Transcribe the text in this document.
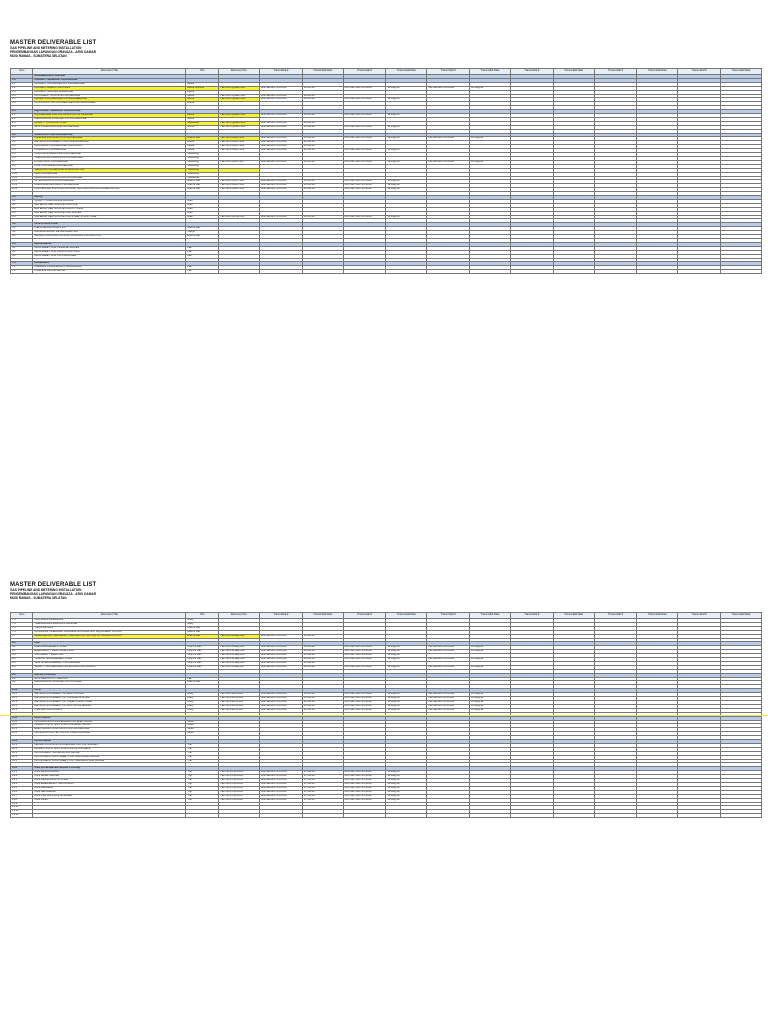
MASTER DELIVERABLE LIST
GAS PIPELINE AND METERING INSTALLATION
PENGEMBANGAN LAPANGAN GRAVAZA - ARIO DAMAR
MUSI RAWAS - SUMATERA SELATAN
Item	Document Title	PIC	Document No.	Transmittal #	Transmittal Date	Transmittal #	Transmittal Date	Transmittal #	Transmittal Date	Transmittal #	Transmittal Date	Transmittal #	Transmittal Date	Transmittal #	Transmittal Date
	ENGINEERING PIPELINE														
1.0	PROJECT GENERAL PROCEDURE														
1.1	PROJECT COORDINATION PROCEDURE	Hendi													
1.2	PROJECT EXECUTION PLAN	Hendi & Bondi	TEP-GPL-QA/EX-001	002-SE-GPL-VII-2018	23-Jul-18	005-TEP-GPL-VII-2018	14-Aug-18	011-SE-GPL-VIII-2018	20-Aug-18						
1.3	PROJECT MASTER SCHEDULE	Bondi													
1.4	DOCUMENT CONTROL PROCEDURE	Hendi	TEP-GPL-QA/EX-002	002-SE-GPL-VII-2018	23-Jul-18										
1.5	DESIGN PROCEDURE FOR ENGINEERING	Bondi	TEP-GPL-QA/EX-003	002-SE-GPL-VII-2018	23-Jul-18	005-TEP-GPL-VII-2018	14-Aug-18								
1.6	CONSTRUCTION PROCEDURE FOR PERSONNEL	Bondi													

2.0	EQUIPMENT GENERAL PROCEDURE														
2.1	PROCEDURE FOR INSTALLATION OF PIPELINE	Hendi	TEP-GPL-QA/EX-004	002-SE-GPL-VII-2018	23-Jul-18	005-TEP-GPL-VII-2018	14-Aug-18								
2.2	MECHANICAL COMPLETION PROCEDURE	Hendi													
2.3	QUALITY CONTROL PLAN	Workshop	TEP-GPL-QA/EX-005	002-SE-GPL-VII-2018	23-Jul-18										
2.4	NON CONFORMANCE PROCEDURE	Bondi	TEP-GPL-QA/EX-006	002-SE-GPL-VII-2018	23-Jul-18	005-TEP-GPL-VII-2018	14-Aug-18								

3.0	CONSTRUCTION PROCEDURE														
3.1	PIPELINE INSTALLATION PROCEDURE	Budi & Ifan	TEP-GPL-APRF-001	002-SE-GPL-VII-2018	23-Jul-18	005-TEP-GPL-VII-2018	14-Aug-18	011-SE-GPL-VIII-2018	20-Aug-18						
3.2	METHOD STATEMENT FOR PIPE HANDLING	Bondi	TEP-GPL-APRF-002	002-SE-GPL-VII-2018	23-Jul-18										
3.3	CROSSING PROCEDURE FOR ROADS	Hendi	TEP-GPL-APRF-003	002-SE-GPL-VII-2018	23-Jul-18										
3.4	LOWERING PROCEDURE	Hendi	TEP-GPL-APRF-004	002-SE-GPL-VII-2018	23-Jul-18	005-TEP-GPL-VII-2018	14-Aug-18								
3.5	COATING & WRAPPING PROCEDURE	Workshop													
3.6	TRENCHING & BACKFILL PROCEDURE	Workshop													
3.7	HYDROTEST PROCEDURE	Workshop	TEP-GPL-APRF-007	002-SE-GPL-VII-2018	23-Jul-18	005-TEP-GPL-VII-2018	14-Aug-18	011-SE-GPL-VIII-2018	20-Aug-18						
3.8	PIPE STRINGING PROCEDURE	Workshop													
3.9	WELDING PROCEDURE SPECIFICATION	Workshop													
3.10	NDE PROCEDURE	Workshop													
3.11	DEWATERING & DRYING PROCEDURE	Workshop													
3.12	CP INSTALLATION PROCEDURE	Budi & Ifan	TEP-GPL-APRF-012	002-SE-GPL-VII-2018	23-Jul-18	005-TEP-GPL-VII-2018	14-Aug-18								
3.13	PRECOMMISSIONING PROCEDURE	Budi & Ifan	TEP-GPL-APRF-013	002-SE-GPL-VII-2018	23-Jul-18	005-TEP-GPL-VII-2018	14-Aug-18								
3.14	PROCEDURE INSTALLATION AND TESTING FOR INSTRUMENTATION	Budi & Ifan	TEP-GPL-APRF-014	002-SE-GPL-VII-2018	23-Jul-18	005-TEP-GPL-VII-2018	14-Aug-18								

4.0	MRCQ														
4.1	QUALITY ASSURANCE MANUAL	Budi													
4.2	MATERIAL CERTIFICATE FOR PIPE	Budi													
4.3	MATERIAL CERTIFICATE FOR FITTINGS	Budi													
4.4	MATERIAL CERTIFICATE FOR VALVES	Budi													
4.5	MATERIAL CERTIFICATE FOR STEEL STRUCTURE	Budi	TEP-GPL-QPRF-005	002-SE-GPL-VII-2018	23-Jul-18	005-TEP-GPL-VII-2018	14-Aug-18								

5.0	CIVIL/STRUCTURE														
5.1	FIELD DESIGN ANALYSIS	Budi & Ifan													
5.2	ANCHOR BLOCK DETAIL ANALYSIS	Cahyo													
5.3	DESIGN CALCULATION FOR CATHODIC PROTECTION	Budi & Ifan													

6.0	MECHANICAL														
6.1	DATA SHEET FOR PIPELINE VALVES	Ifan													
6.2	DATA SHEET FOR INSULATING JOINT	Ifan													
6.3	DATA SHEET FOR PIG LAUNCHER	Ifan													

7.0	DRAWINGS														
7.1	OVERALL PIPELINE ROUTE DRAWING	Ifan													
7.2	PIPELINE ROUTE DETAIL	Ifan													
MASTER DELIVERABLE LIST
GAS PIPELINE AND METERING INSTALLATION
PENGEMBANGAN LAPANGAN GRAVAZA - ARIO DAMAR
MUSI RAWAS - SUMATERA SELATAN
Item	Document Title	PIC	Document No.	Transmittal #	Transmittal Date	Transmittal #	Transmittal Date	Transmittal #	Transmittal Date	Transmittal #	Transmittal Date	Transmittal #	Transmittal Date	Transmittal #	Transmittal Date
7.3	CROSSING DRAWINGS	Budy													
7.4	TRENCHING & BACKFILL PROFILE	Budy													
7.5	TIE-IN DETAILS	Budi & Ifan													
7.6	FLOODING, CLEANING, GAUGING & HYDROTEST EQUIPMENT LAYOUT	Budi & Ifan													
7.7	DEWATERING, SWABBING, CALIPER PIG, DRYING & PURGING LAYOUT	Budi & Ifan	TEP-GPL-HSEQ-001	002-SE-GPL-VII-2018	23-Jul-18										

8.0	HSE														
8.1	HSE MANAGEMENT PLAN	Cupri & Dan	TEP-GPL-HSEQ-002	002-SE-GPL-VII-2018	23-Jul-18	005-TEP-GPL-VII-2018	14-Aug-18	011-SE-GPL-VIII-2018	20-Aug-18						
8.2	EMERGENCY RESPONSE PLAN	Cupri & Dan	TEP-GPL-HSEQ-003	002-SE-GPL-VII-2018	23-Jul-18	005-TEP-GPL-VII-2018	14-Aug-18	011-SE-GPL-VIII-2018	20-Aug-18						
8.3	JOB SAFETY ANALYSIS	Cupri & Dan	TEP-GPL-HSEQ-004	002-SE-GPL-VII-2018	23-Jul-18	005-TEP-GPL-VII-2018	14-Aug-18								
8.4	TRAFFIC MANAGEMENT PLAN	Cupri & Dan	TEP-GPL-HSEQ-005	002-SE-GPL-VII-2018	23-Jul-18	005-TEP-GPL-VII-2018	14-Aug-18	011-SE-GPL-VIII-2018	20-Aug-18						
8.5	WASTE MANAGEMENT PROCEDURE	Cupri & Dan	TEP-GPL-HSEQ-006	002-SE-GPL-VII-2018	23-Jul-18										
8.6	SAFETY PROCEDURE FOR EXCAVATION WORKS	Cupri & Dan	TEP-GPL-HSEQ-007	002-SE-GPL-VII-2018	23-Jul-18	005-TEP-GPL-VII-2018	14-Aug-18	011-SE-GPL-VIII-2018	20-Aug-18						

9.0	REPORT/SURVEY														
9.1	SOIL RESISTIVITY REPORT	Ifan													
9.2	MECHANICAL COMPLETION DOSSIER	Budi & Ifan													

10.0	CIVIL														
10.1	METHOD STATEMENT OF EARTH WORK	Budy	TEP-GPL-ECIV-001	002-SE-GPL-VII-2018	23-Jul-18	005-TEP-GPL-VII-2018	14-Aug-18	011-SE-GPL-VIII-2018	20-Aug-18						
10.2	METHOD STATEMENT OF CONCRETE WORK	Budy	TEP-GPL-ECIV-002	002-SE-GPL-VII-2018	23-Jul-18	005-TEP-GPL-VII-2018	14-Aug-18	011-SE-GPL-VIII-2018	20-Aug-18						
10.3	METHOD STATEMENT OF STEEL STRUCTURE	Budy	TEP-GPL-ECIV-003	002-SE-GPL-VII-2018	23-Jul-18	005-TEP-GPL-VII-2018	14-Aug-18	011-SE-GPL-VIII-2018	20-Aug-18						
10.4	METHOD STATEMENT OF BOLT & FASTENING	Budy	TEP-GPL-ECIV-004	002-SE-GPL-VII-2018	23-Jul-18	005-TEP-GPL-VII-2018	14-Aug-18	011-SE-GPL-VIII-2018	20-Aug-18						
10.5	PILE DRIVING WORKS	Budy	TEP-GPL-ECIV-005	002-SE-GPL-VII-2018	23-Jul-18	005-TEP-GPL-VII-2018	14-Aug-18	011-SE-GPL-VIII-2018	20-Aug-18						

11.0	ELECTRICAL														
11.1	INSTALLATION PROCEDURE FOR ELECTRICAL	Gusti													
11.2	INSPECTION & TEST PLAN FOR ELECTRICAL	Gusti													
11.3	ELECTRICAL CONSTRUCTION PROCEDURE	Gusti													
11.4	CATHODIC PROTECTION SYSTEM PACKAGE	Gusti													

12.0	INSTRUMENT														
12.1	DESIGN CONTROL PROCEDURE FOR INSTRUMENT	Yuli													
12.2	INSPECTION & TEST PLAN FOR INSTRUMENT	Yuli													
12.3	INSTRUMENT INSTALLATION DETAIL	Yuli													
12.4	INSTRUMENT DATA SHEET FOR PRESSURE GAUGE	Yuli													
12.5	INSTRUMENT DATA SHEET FOR TEMPERATURE GAUGE	Yuli													

13.0	PMS (PIPELINE METERING SYSTEM)														
13.1	PMS DESIGN BASIS	Yuli	TEP-GPL-PMS-001	002-SE-GPL-VII-2018	27-Jul-18	005-TEP-GPL-VII-2018	14-Aug-18								
13.2	PMS LEVEL GAUGE	Yuli	TEP-GPL-PMS-002	002-SE-GPL-VII-2018	27-Jul-18	005-TEP-GPL-VII-2018	14-Aug-18								
13.3	PMS MEASURING SYSTEM	Yuli	TEP-GPL-PMS-003	002-SE-GPL-VII-2018	27-Jul-18	005-TEP-GPL-VII-2018	14-Aug-18								
13.4	PMS EMERGENCY SHUTDOWN	Yuli	TEP-GPL-PMS-004	002-SE-GPL-VII-2018	27-Jul-18	005-TEP-GPL-VII-2018	14-Aug-18								
13.5	PMS Calibration	Yuli	TEP-GPL-PMS-005	002-SE-GPL-VII-2018	27-Jul-18	005-TEP-GPL-VII-2018	14-Aug-18								
13.6	PMS Gas Detector	Yuli	TEP-GPL-PMS-006	002-SE-GPL-VII-2018	27-Jul-18	005-TEP-GPL-VII-2018	14-Aug-18								
13.7	PMS Flow and Piping Schematic	Yuli	TEP-GPL-PMS-007	002-SE-GPL-VII-2018	27-Jul-18	005-TEP-GPL-VII-2018	14-Aug-18								
13.8	PMS Panel	Yuli	TEP-GPL-PMS-008	002-SE-GPL-VII-2018	27-Jul-18	005-TEP-GPL-VII-2018	14-Aug-18								
13.9															
13.10															
13.11															
13.12															
